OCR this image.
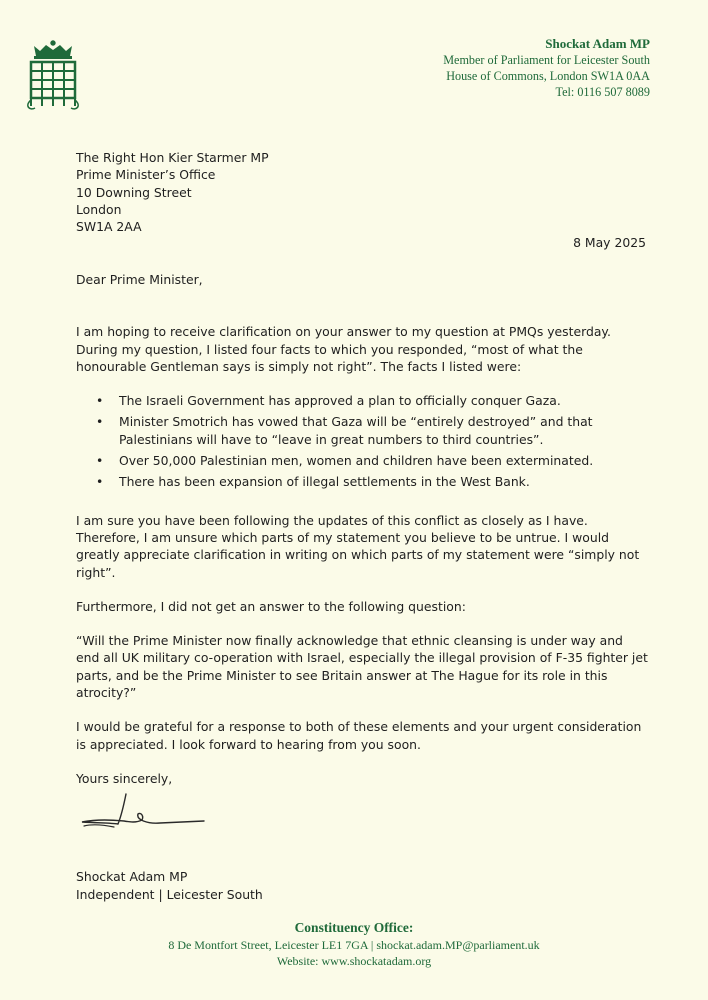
Shockat Adam MP
Member of Parliament for Leicester South
House of Commons, London SW1A 0AA
Tel: 0116 507 8089
The Right Hon Kier Starmer MP
Prime Minister’s Office
10 Downing Street
London
SW1A 2AA
8 May 2025

Dear Prime Minister,

I am hoping to receive clarification on your answer to my question at PMQs yesterday. During my question, I listed four facts to which you responded, “most of what the honourable Gentleman says is simply not right”. The facts I listed were:

• The Israeli Government has approved a plan to officially conquer Gaza.
• Minister Smotrich has vowed that Gaza will be “entirely destroyed” and that Palestinians will have to “leave in great numbers to third countries”.
• Over 50,000 Palestinian men, women and children have been exterminated.
• There has been expansion of illegal settlements in the West Bank.

I am sure you have been following the updates of this conflict as closely as I have. Therefore, I am unsure which parts of my statement you believe to be untrue. I would greatly appreciate clarification in writing on which parts of my statement were “simply not right”.

Furthermore, I did not get an answer to the following question:

“Will the Prime Minister now finally acknowledge that ethnic cleansing is under way and end all UK military co-operation with Israel, especially the illegal provision of F-35 fighter jet parts, and be the Prime Minister to see Britain answer at The Hague for its role in this atrocity?”

I would be grateful for a response to both of these elements and your urgent consideration is appreciated. I look forward to hearing from you soon.

Yours sincerely,

Shockat Adam MP
Independent | Leicester South
Constituency Office:
8 De Montfort Street, Leicester LE1 7GA | shockat.adam.MP@parliament.uk
Website: www.shockatadam.org
